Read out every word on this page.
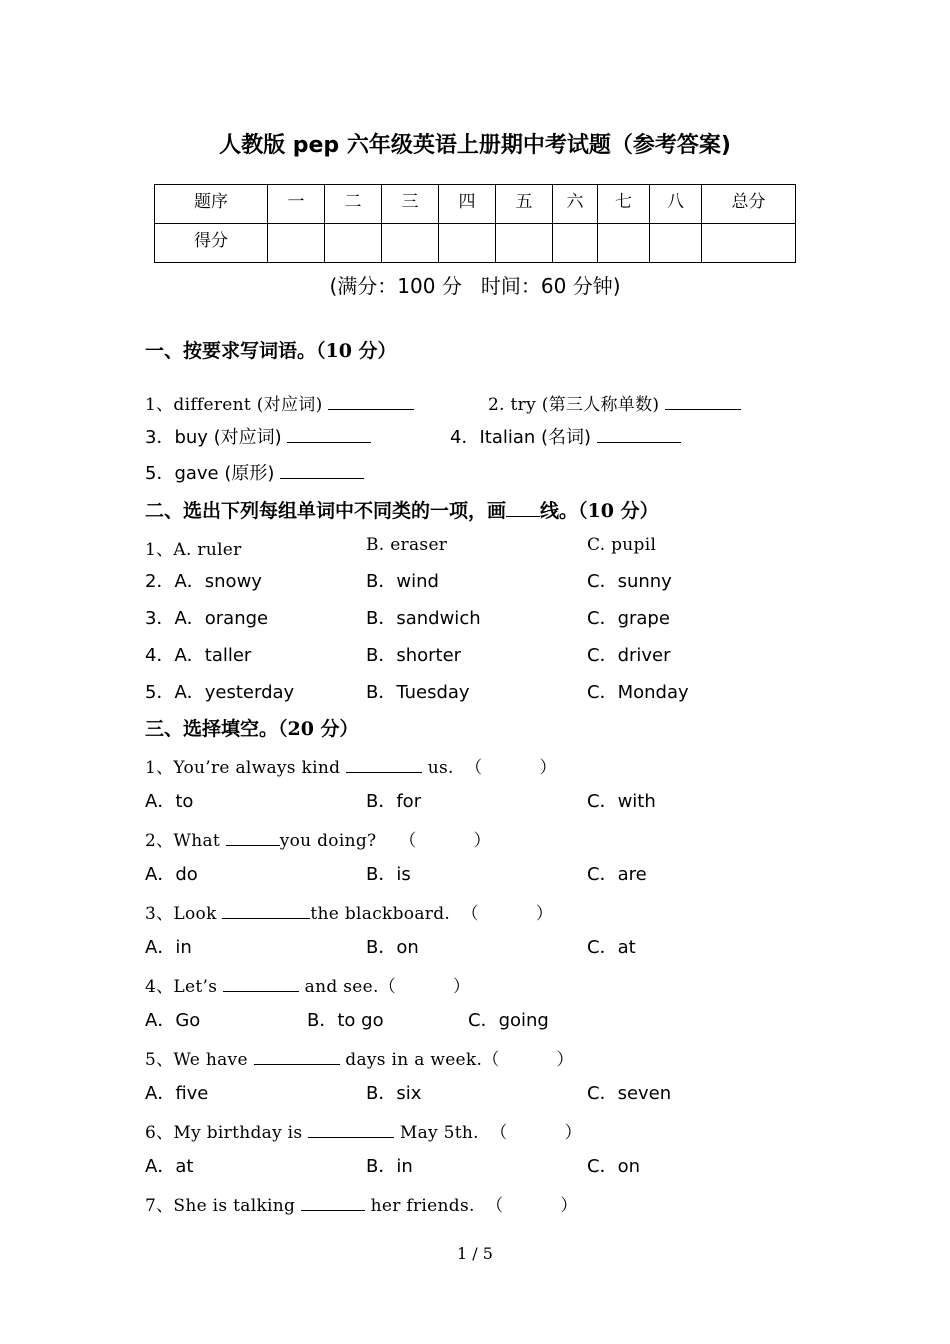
人教版 pep 六年级英语上册期中考试题（参考答案)
题序	一	二	三	四	五	六	七	八	总分
得分									
(满分：100 分   时间：60 分钟)
一、按要求写词语。（10 分）
1、different (对应词)	2. try (第三人称单数)
3．buy (对应词)	4．Italian (名词)
5．gave (原形)
二、选出下列每组单词中不同类的一项，画 线。（10 分）
1、A. ruler	B. eraser	C. pupil
2．A．snowy	B．wind	C．sunny
3．A．orange	B．sandwich	C．grape
4．A．taller	B．shorter	C．driver
5．A．yesterday	B．Tuesday	C．Monday
三、选择填空。（20 分）
1、You’re always kind	us.  （          ）
A．to	B．for	C．with
2、What	you doing?    （          ）
A．do	B．is	C．are
3、Look	the blackboard.  （          ）
A．in	B．on	C．at
4、Let’s	and see.（          ）
A．Go	B．to go	C．going
5、We have	days in a week.（          ）
A．five	B．six	C．seven
6、My birthday is	May 5th.  （          ）
A．at	B．in	C．on
7、She is talking	her friends.  （          ）
1 / 5
